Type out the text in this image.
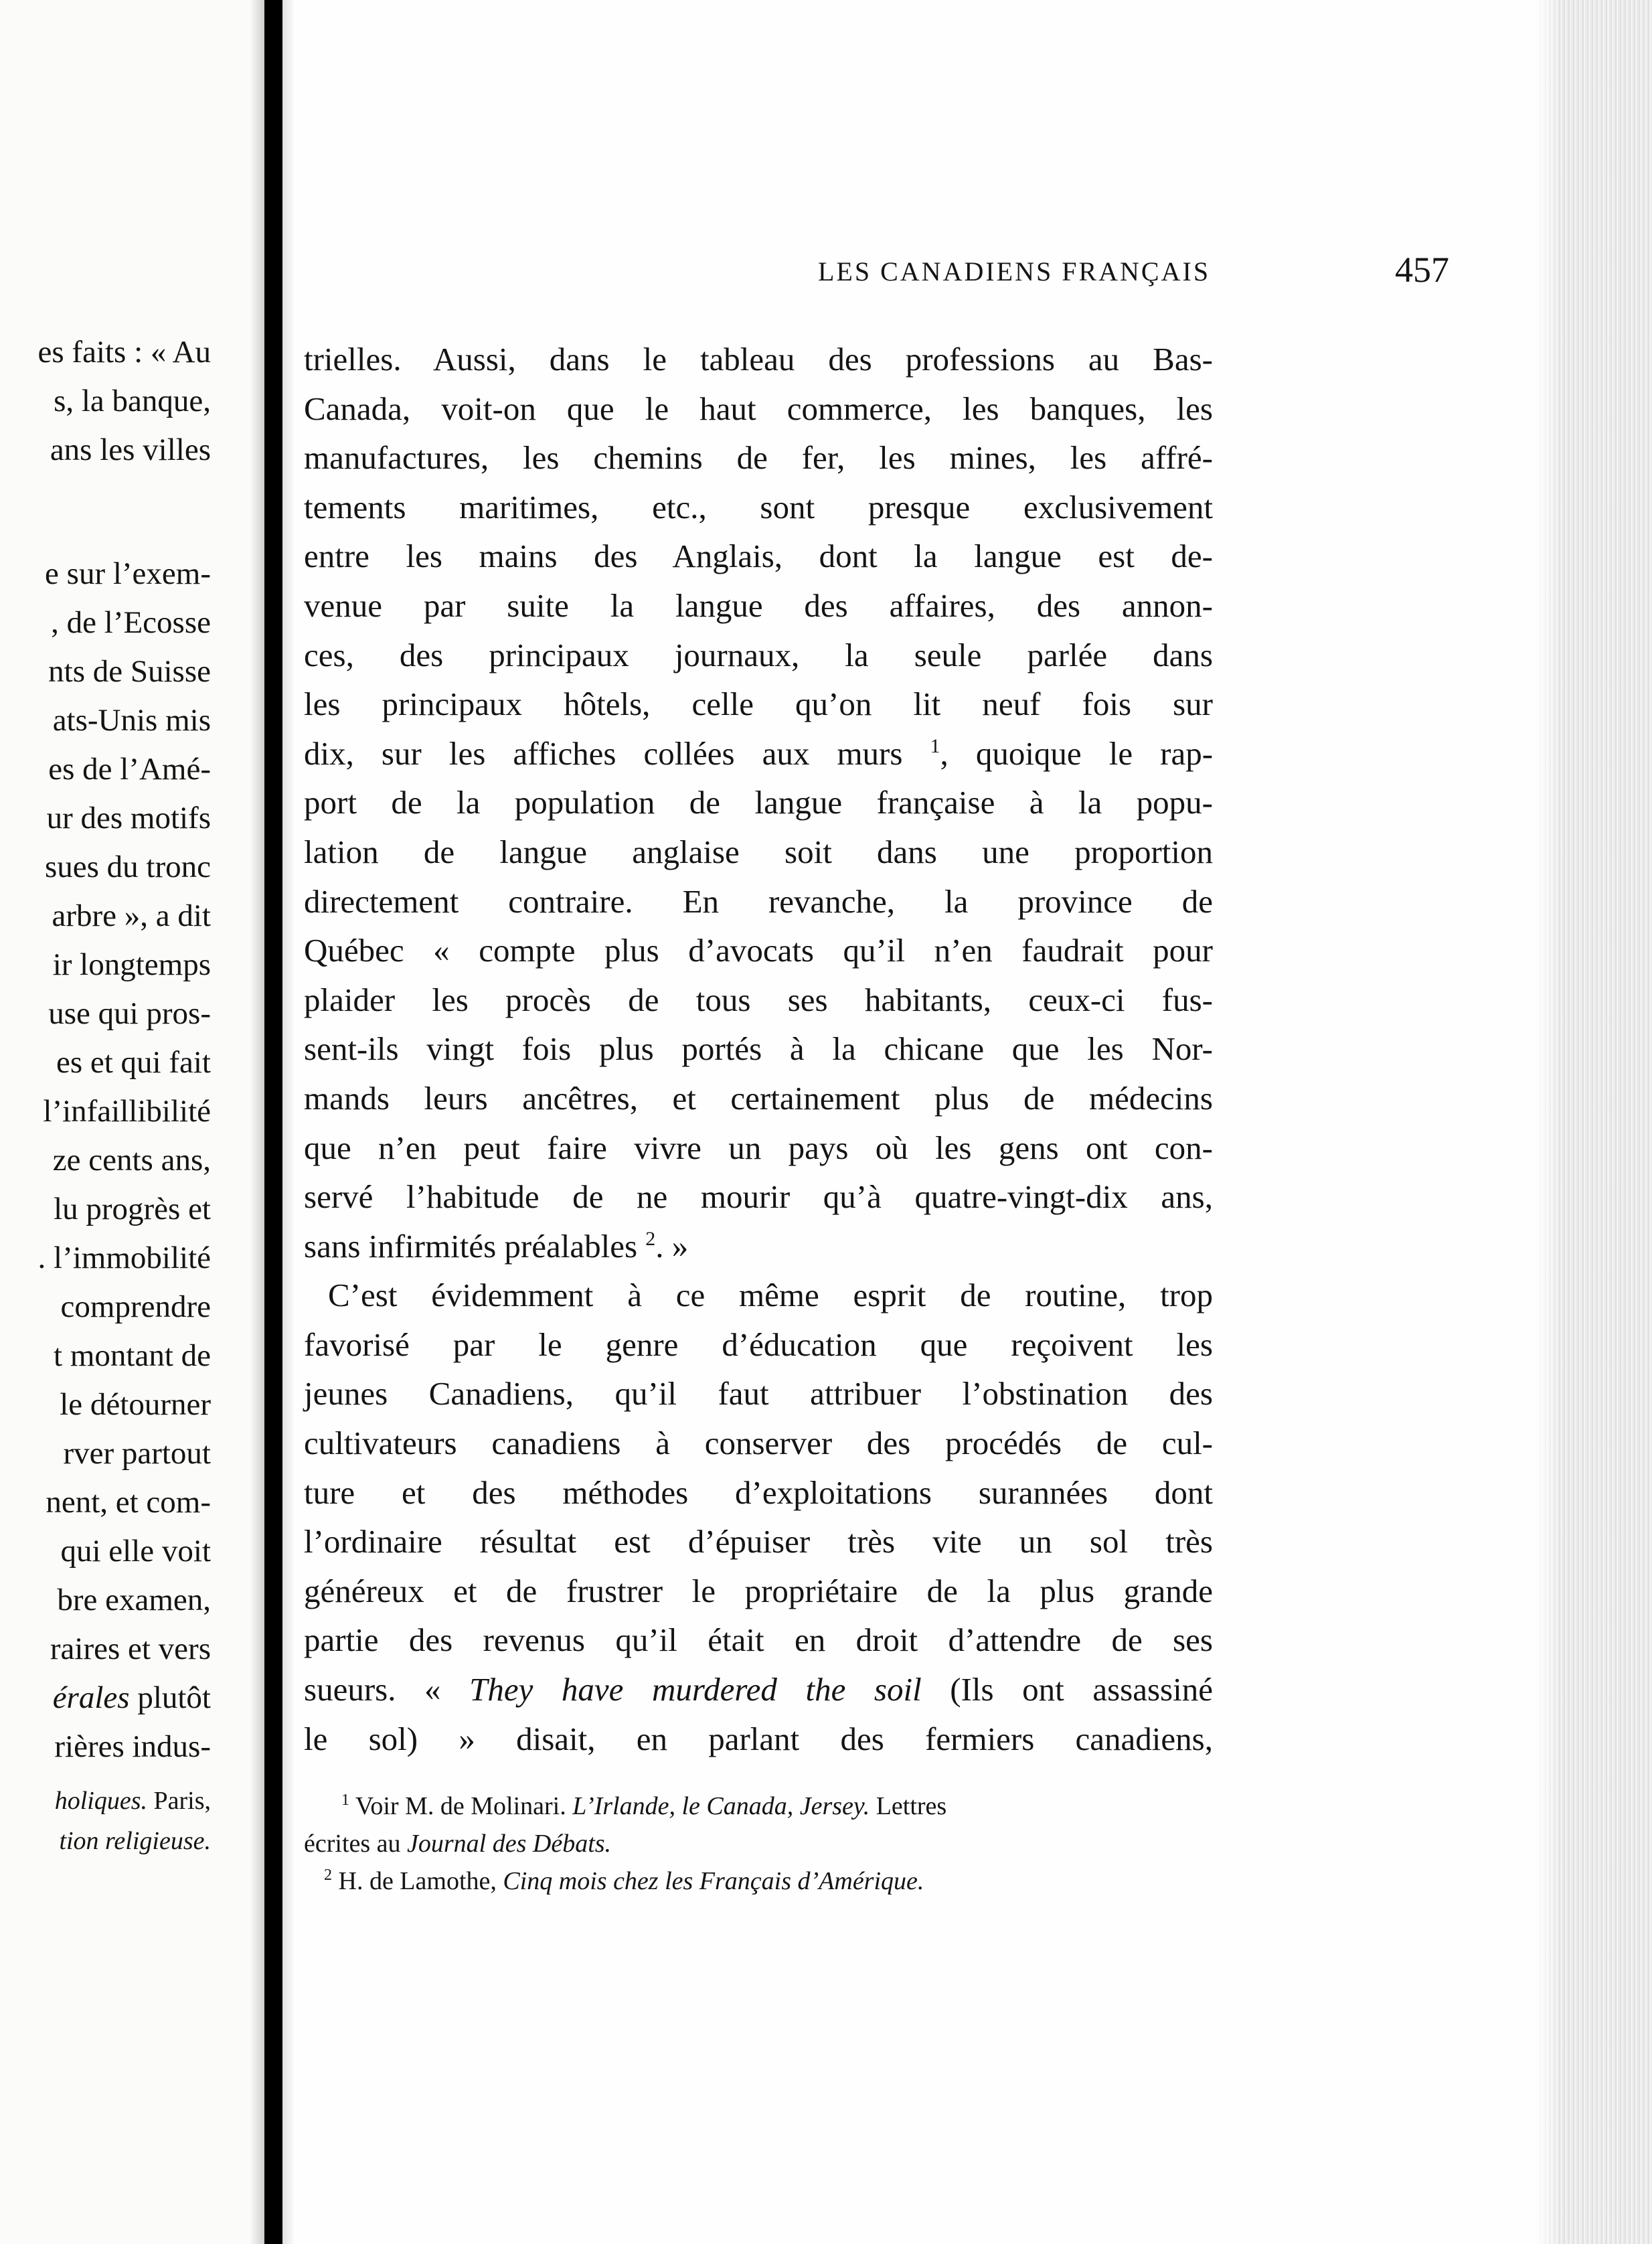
es faits : « Au
s, la banque,
ans les villes
e sur l’exem-
, de l’Ecosse
nts de Suisse
ats-Unis mis
es de l’Amé-
ur des motifs
sues du tronc
arbre », a dit
ir longtemps
use qui pros-
es et qui fait
l’infaillibilité
ze cents ans,
lu progrès et
. l’immobilité
comprendre
t montant de
le détourner
rver partout
nent, et com-
qui elle voit
bre examen,
raires et vers
érales plutôt
rières indus-
holiques. Paris,
tion religieuse.
LES CANADIENS FRANÇAIS	457

trielles. Aussi, dans le tableau des professions au Bas-
Canada, voit-on que le haut commerce, les banques, les
manufactures, les chemins de fer, les mines, les affré-
tements maritimes, etc., sont presque exclusivement
entre les mains des Anglais, dont la langue est de-
venue par suite la langue des affaires, des annon-
ces, des principaux journaux, la seule parlée dans
les principaux hôtels, celle qu’on lit neuf fois sur
dix, sur les affiches collées aux murs $^1$, quoique le rap-
port de la population de langue française à la popu-
lation de langue anglaise soit dans une proportion
directement contraire. En revanche, la province de
Québec « compte plus d’avocats qu’il n’en faudrait pour
plaider les procès de tous ses habitants, ceux-ci fus-
sent-ils vingt fois plus portés à la chicane que les Nor-
mands leurs ancêtres, et certainement plus de médecins
que n’en peut faire vivre un pays où les gens ont con-
servé l’habitude de ne mourir qu’à quatre-vingt-dix ans,
sans infirmités préalables $^2$. »

C’est évidemment à ce même esprit de routine, trop
favorisé par le genre d’éducation que reçoivent les
jeunes Canadiens, qu’il faut attribuer l’obstination des
cultivateurs canadiens à conserver des procédés de cul-
ture et des méthodes d’exploitations surannées dont
l’ordinaire résultat est d’épuiser très vite un sol très
généreux et de frustrer le propriétaire de la plus grande
partie des revenus qu’il était en droit d’attendre de ses
sueurs. « They have murdered the soil (Ils ont assassiné
le sol) » disait, en parlant des fermiers canadiens,

$^1$ Voir M. de Molinari. L’Irlande, le Canada, Jersey. Lettres
écrites au Journal des Débats.
$^2$ H. de Lamothe, Cinq mois chez les Français d’Amérique.
